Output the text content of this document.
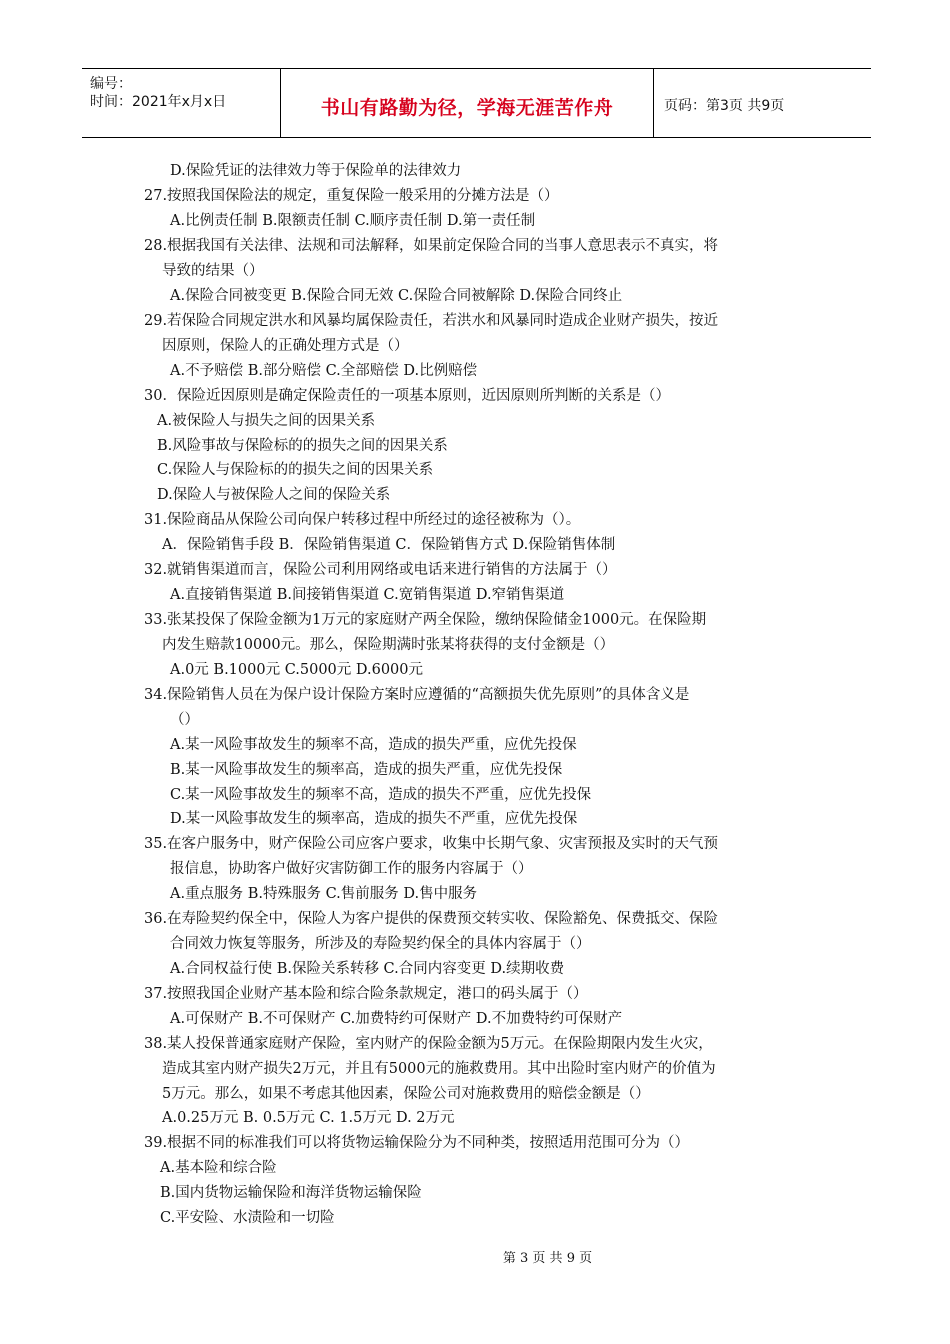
编号：
时间：2021年x月x日	书山有路勤为径，学海无涯苦作舟	页码：第3页 共9页
D.保险凭证的法律效力等于保险单的法律效力
27.按照我国保险法的规定，重复保险一般采用的分摊方法是（）
A.比例责任制 B.限额责任制 C.顺序责任制 D.第一责任制
28.根据我国有关法律、法规和司法解释，如果前定保险合同的当事人意思表示不真实，将
导致的结果（）
A.保险合同被变更 B.保险合同无效 C.保险合同被解除 D.保险合同终止
29.若保险合同规定洪水和风暴均属保险责任，若洪水和风暴同时造成企业财产损失，按近
因原则，保险人的正确处理方式是（）
A.不予赔偿 B.部分赔偿 C.全部赔偿 D.比例赔偿
30．保险近因原则是确定保险责任的一项基本原则，近因原则所判断的关系是（）
A.被保险人与损失之间的因果关系
B.风险事故与保险标的的损失之间的因果关系
C.保险人与保险标的的损失之间的因果关系
D.保险人与被保险人之间的保险关系
31.保险商品从保险公司向保户转移过程中所经过的途径被称为（）。
A．保险销售手段 B．保险销售渠道 C．保险销售方式 D.保险销售体制
32.就销售渠道而言，保险公司利用网络或电话来进行销售的方法属于（）
A.直接销售渠道 B.间接销售渠道 C.宽销售渠道 D.窄销售渠道
33.张某投保了保险金额为1万元的家庭财产两全保险，缴纳保险储金1000元。在保险期
内发生赔款10000元。那么，保险期满时张某将获得的支付金额是（）
A.0元 B.1000元 C.5000元 D.6000元
34.保险销售人员在为保户设计保险方案时应遵循的“高额损失优先原则”的具体含义是
（）
A.某一风险事故发生的频率不高，造成的损失严重，应优先投保
B.某一风险事故发生的频率高，造成的损失严重，应优先投保
C.某一风险事故发生的频率不高，造成的损失不严重，应优先投保
D.某一风险事故发生的频率高，造成的损失不严重，应优先投保
35.在客户服务中，财产保险公司应客户要求，收集中长期气象、灾害预报及实时的天气预
报信息，协助客户做好灾害防御工作的服务内容属于（）
A.重点服务 B.特殊服务 C.售前服务 D.售中服务
36.在寿险契约保全中，保险人为客户提供的保费预交转实收、保险豁免、保费抵交、保险
合同效力恢复等服务，所涉及的寿险契约保全的具体内容属于（）
A.合同权益行使 B.保险关系转移 C.合同内容变更 D.续期收费
37.按照我国企业财产基本险和综合险条款规定，港口的码头属于（）
A.可保财产 B.不可保财产 C.加费特约可保财产 D.不加费特约可保财产
38.某人投保普通家庭财产保险，室内财产的保险金额为5万元。在保险期限内发生火灾，
造成其室内财产损失2万元，并且有5000元的施救费用。其中出险时室内财产的价值为
5万元。那么，如果不考虑其他因素，保险公司对施救费用的赔偿金额是（）
A.0.25万元 B. 0.5万元 C. 1.5万元 D. 2万元
39.根据不同的标准我们可以将货物运输保险分为不同种类，按照适用范围可分为（）
A.基本险和综合险
B.国内货物运输保险和海洋货物运输保险
C.平安险、水渍险和一切险
第 3 页 共 9 页
